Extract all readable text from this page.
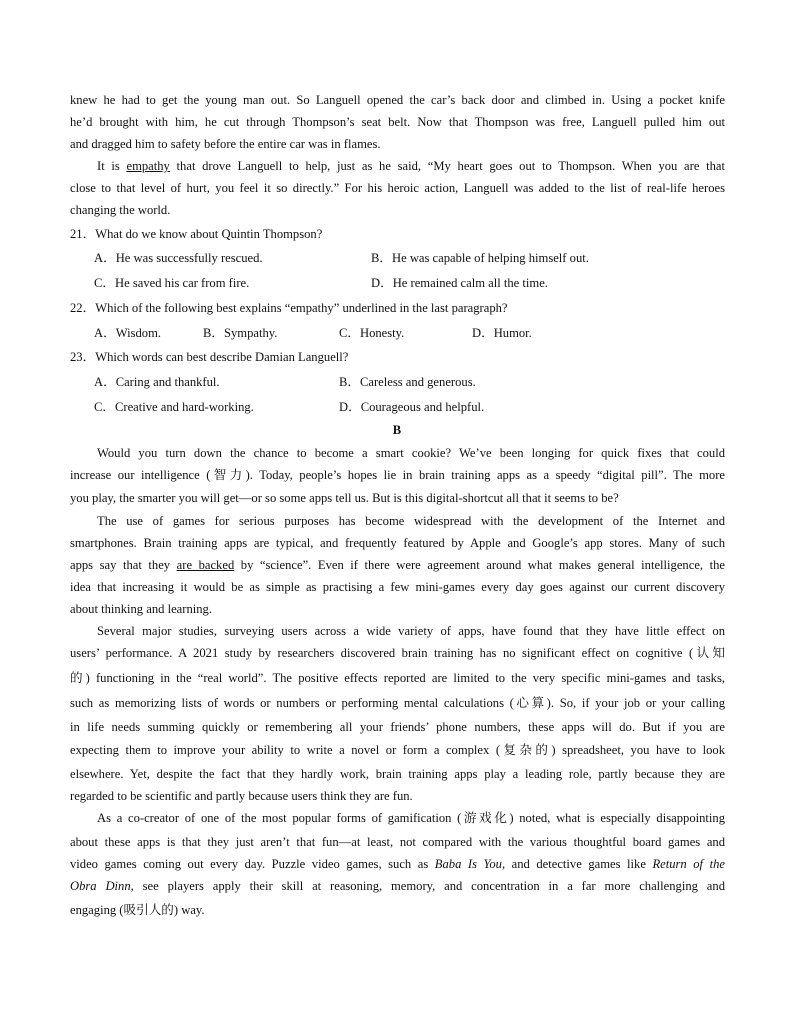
knew he had to get the young man out. So Languell opened the car’s back door and climbed in. Using a pocket knife
he’d brought with him, he cut through Thompson’s seat belt. Now that Thompson was free, Languell pulled him out
and dragged him to safety before the entire car was in flames.
It is empathy that drove Languell to help, just as he said, “My heart goes out to Thompson. When you are that
close to that level of hurt, you feel it so directly.” For his heroic action, Languell was added to the list of real-life heroes
changing the world.
21．What do we know about Quintin Thompson?
A．He was successfully rescued.	B．He was capable of helping himself out.
C．He saved his car from fire.	D．He remained calm all the time.
22．Which of the following best explains “empathy” underlined in the last paragraph?
A．Wisdom.	B．Sympathy.	C．Honesty.	D．Humor.
23．Which words can best describe Damian Languell?
A．Caring and thankful.	B．Careless and generous.
C．Creative and hard-working.	D．Courageous and helpful.
B
Would you turn down the chance to become a smart cookie? We’ve been longing for quick fixes that could
increase our intelligence (智力). Today, people’s hopes lie in brain training apps as a speedy “digital pill”. The more
you play, the smarter you will get—or so some apps tell us. But is this digital-shortcut all that it seems to be?
The use of games for serious purposes has become widespread with the development of the Internet and
smartphones. Brain training apps are typical, and frequently featured by Apple and Google’s app stores. Many of such
apps say that they are backed by “science”. Even if there were agreement around what makes general intelligence, the
idea that increasing it would be as simple as practising a few mini-games every day goes against our current discovery
about thinking and learning.
Several major studies, surveying users across a wide variety of apps, have found that they have little effect on
users’ performance. A 2021 study by researchers discovered brain training has no significant effect on cognitive (认知
的) functioning in the “real world”. The positive effects reported are limited to the very specific mini-games and tasks,
such as memorizing lists of words or numbers or performing mental calculations (心算). So, if your job or your calling
in life needs summing quickly or remembering all your friends’ phone numbers, these apps will do. But if you are
expecting them to improve your ability to write a novel or form a complex (复杂的) spreadsheet, you have to look
elsewhere. Yet, despite the fact that they hardly work, brain training apps play a leading role, partly because they are
regarded to be scientific and partly because users think they are fun.
As a co-creator of one of the most popular forms of gamification (游戏化) noted, what is especially disappointing
about these apps is that they just aren’t that fun—at least, not compared with the various thoughtful board games and
video games coming out every day. Puzzle video games, such as Baba Is You, and detective games like Return of the
Obra Dinn, see players apply their skill at reasoning, memory, and concentration in a far more challenging and
engaging (吸引人的) way.
